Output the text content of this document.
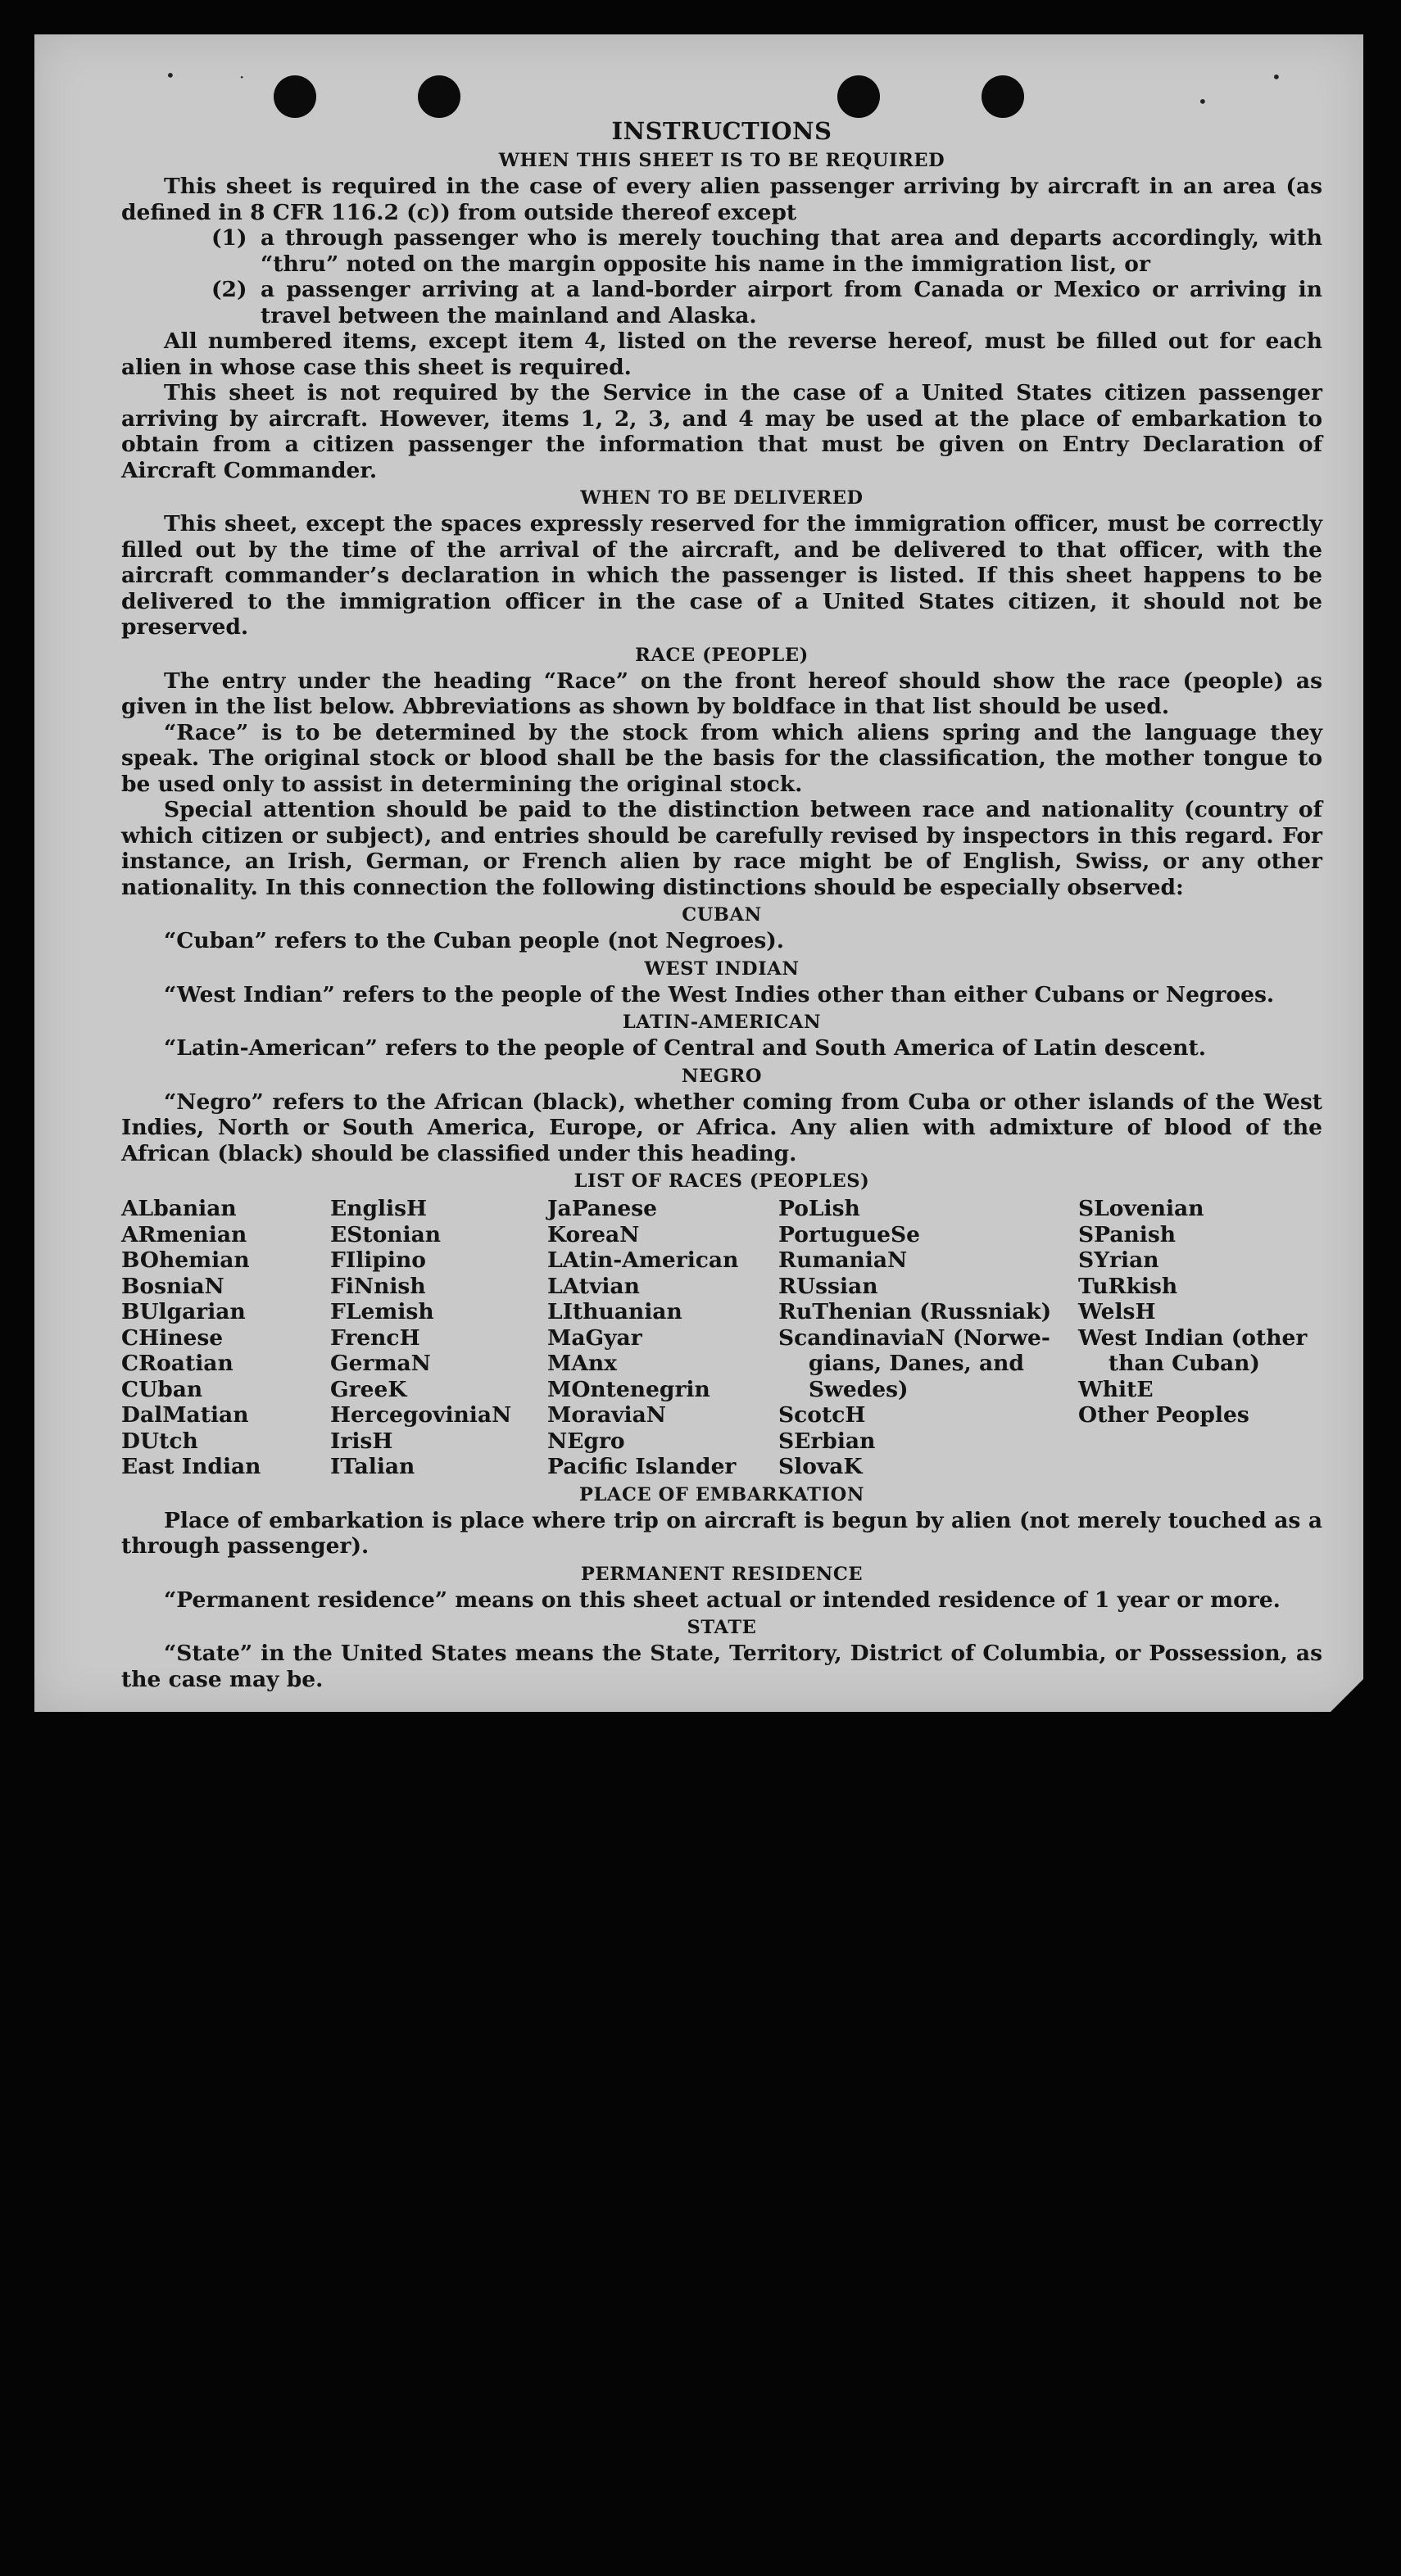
•	·
•
•
INSTRUCTIONS
WHEN THIS SHEET IS TO BE REQUIRED

This sheet is required in the case of every alien passenger arriving by aircraft in an area (as defined in 8 CFR 116.2 (c)) from outside thereof except

(1) a through passenger who is merely touching that area and departs accordingly, with “thru” noted on the margin opposite his name in the immigration list, or
(2) a passenger arriving at a land-border airport from Canada or Mexico or arriving in travel between the mainland and Alaska.

All numbered items, except item 4, listed on the reverse hereof, must be filled out for each alien in whose case this sheet is required.

This sheet is not required by the Service in the case of a United States citizen passenger arriving by aircraft. However, items 1, 2, 3, and 4 may be used at the place of embarkation to obtain from a citizen passenger the information that must be given on Entry Declaration of Aircraft Commander.

WHEN TO BE DELIVERED

This sheet, except the spaces expressly reserved for the immigration officer, must be correctly filled out by the time of the arrival of the aircraft, and be delivered to that officer, with the aircraft commander’s declaration in which the passenger is listed. If this sheet happens to be delivered to the immigration officer in the case of a United States citizen, it should not be preserved.

RACE (PEOPLE)

The entry under the heading “Race” on the front hereof should show the race (people) as given in the list below. Abbreviations as shown by boldface in that list should be used.

“Race” is to be determined by the stock from which aliens spring and the language they speak. The original stock or blood shall be the basis for the classification, the mother tongue to be used only to assist in determining the original stock.

Special attention should be paid to the distinction between race and nationality (country of which citizen or subject), and entries should be carefully revised by inspectors in this regard. For instance, an Irish, German, or French alien by race might be of English, Swiss, or any other nationality. In this connection the following distinctions should be especially observed:

CUBAN

“Cuban” refers to the Cuban people (not Negroes).

WEST INDIAN

“West Indian” refers to the people of the West Indies other than either Cubans or Negroes.

LATIN-AMERICAN

“Latin-American” refers to the people of Central and South America of Latin descent.

NEGRO

“Negro” refers to the African (black), whether coming from Cuba or other islands of the West Indies, North or South America, Europe, or Africa. Any alien with admixture of blood of the African (black) should be classified under this heading.

LIST OF RACES (PEOPLES)
ALbanian
ARmenian
BOhemian
BosniaN
BUlgarian
CHinese
CRoatian
CUban
DalMatian
DUtch
East Indian
EnglisH
EStonian
FIlipino
FiNnish
FLemish
FrencH
GermaN
GreeK
HercegoviniaN
IrisH
ITalian
JaPanese
KoreaN
LAtin-American
LAtvian
LIthuanian
MaGyar
MAnx
MOntenegrin
MoraviaN
NEgro
Pacific Islander
PoLish
PortugueSe
RumaniaN
RUssian
RuThenian (Russniak)
ScandinaviaN (Norwe-
gians, Danes, and
Swedes)
ScotcH
SErbian
SlovaK
SLovenian
SPanish
SYrian
TuRkish
WelsH
West Indian (other
than Cuban)
WhitE
Other Peoples
PLACE OF EMBARKATION

Place of embarkation is place where trip on aircraft is begun by alien (not merely touched as a through passenger).

PERMANENT RESIDENCE

“Permanent residence” means on this sheet actual or intended residence of 1 year or more.

STATE

“State” in the United States means the State, Territory, District of Columbia, or Possession, as the case may be.
